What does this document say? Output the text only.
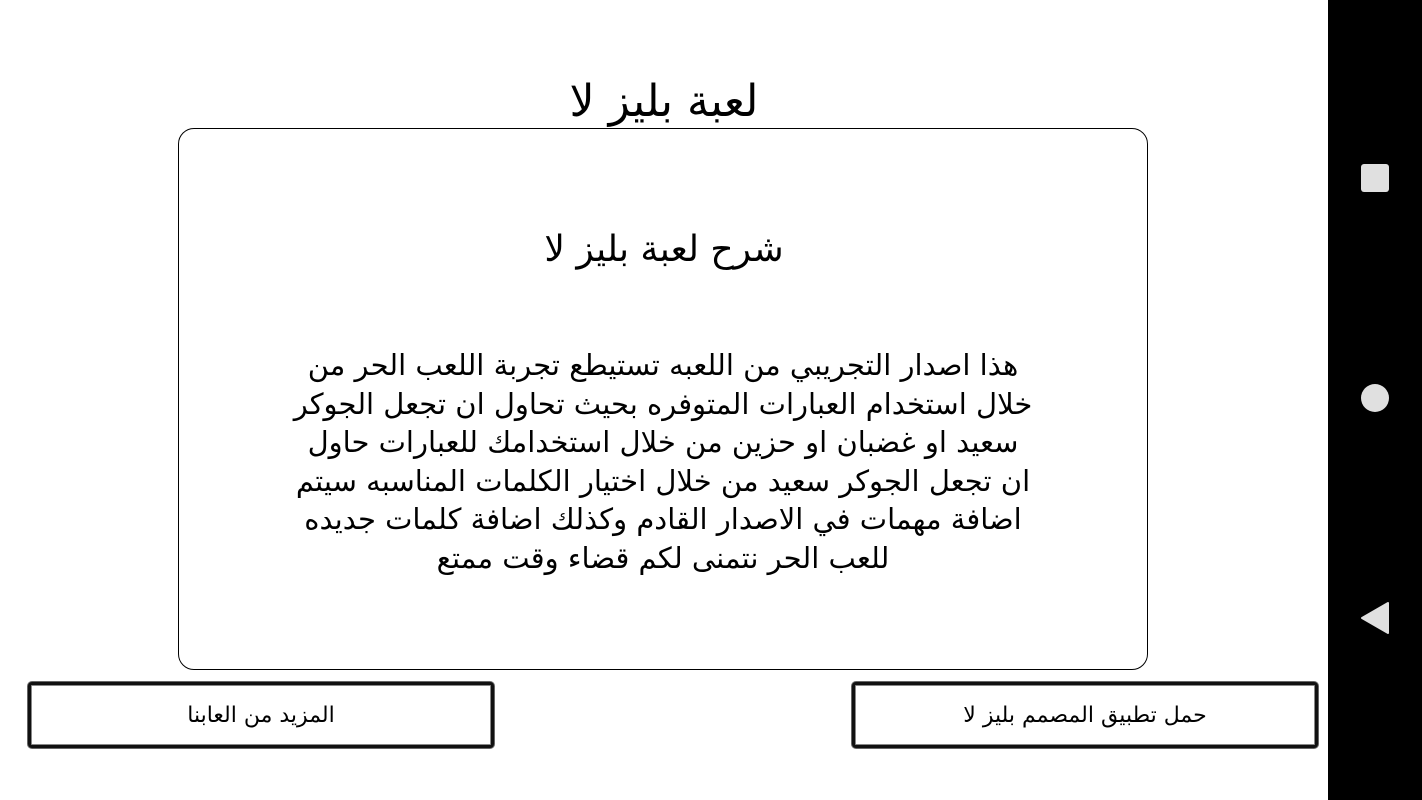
لعبة بليز لا
شرح لعبة بليز لا

هذا اصدار التجريبي من اللعبه تستيطع تجربة اللعب الحر من

خلال استخدام العبارات المتوفره بحيث تحاول ان تجعل الجوكر

سعيد او غضبان او حزين من خلال استخدامك للعبارات حاول

ان تجعل الجوكر سعيد من خلال اختيار الكلمات المناسبه سيتم

اضافة مهمات في الاصدار القادم وكذلك اضافة كلمات جديده

للعب الحر نتمنى لكم قضاء وقت ممتع

المزيد من العابنا	حمل تطبيق المصمم بليز لا
